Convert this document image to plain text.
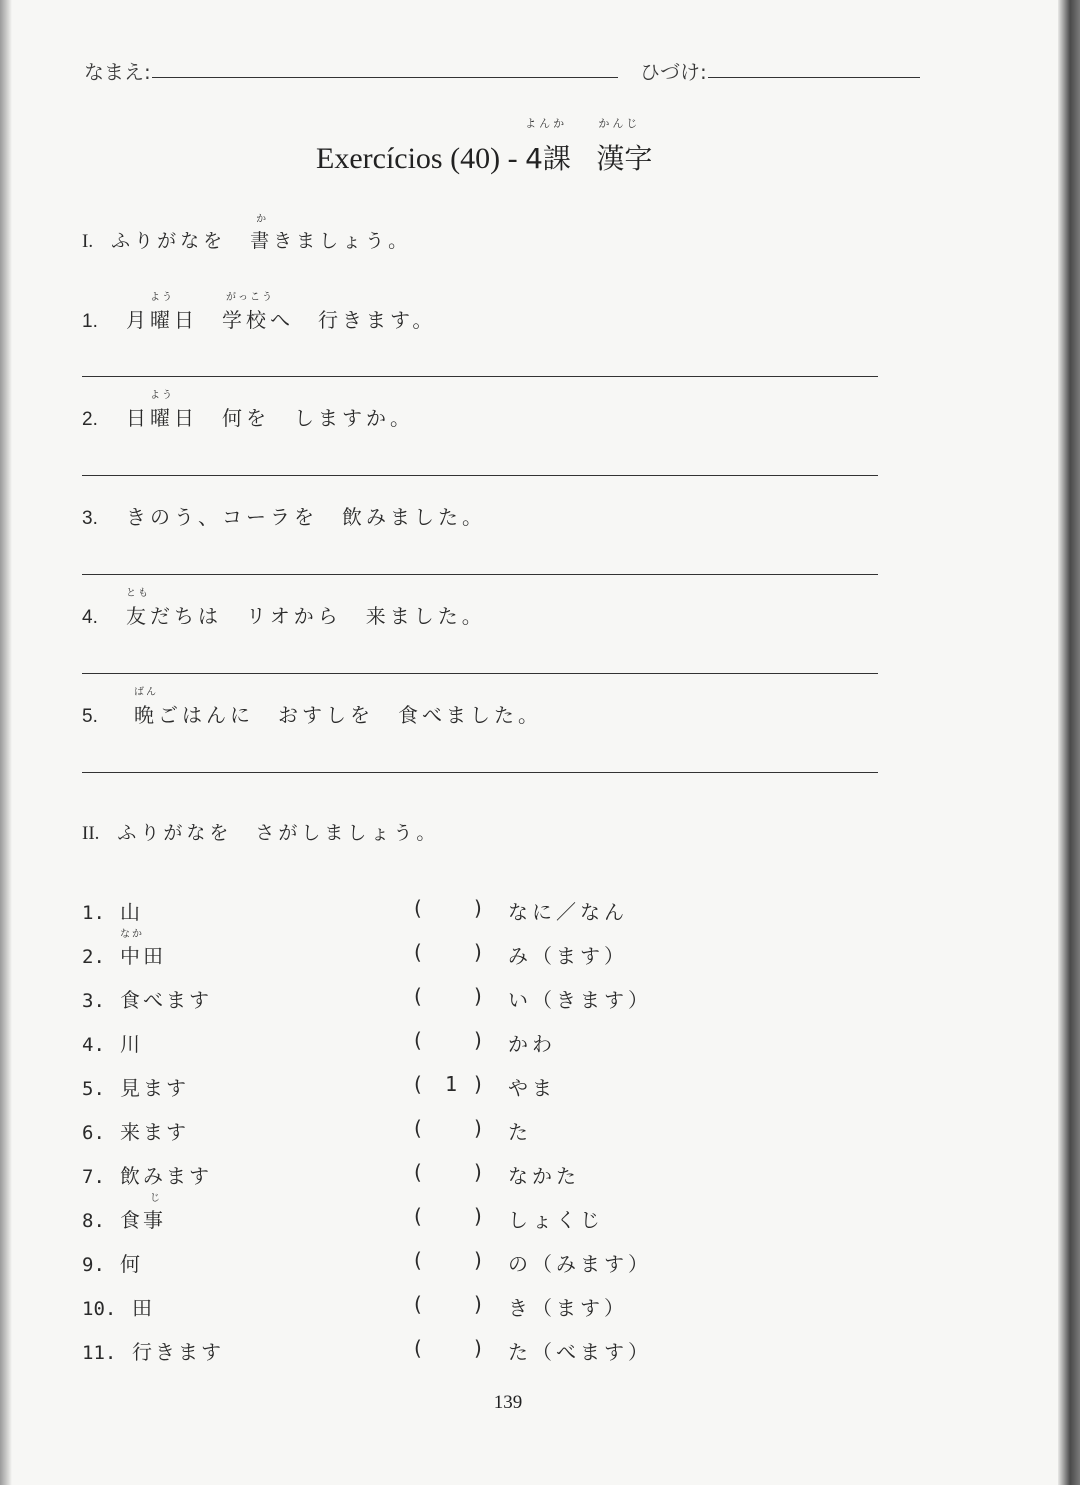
なまえ:	ひづけ:
Exercícios (40) -
よんか
4課
かんじ
漢字
I. ふりがなを
か
書きましょう。
1. 月曜日　学校へ　行きます。
よう	がっこう
2. 日曜日　何を　しますか。
よう
3. きのう、コーラを　飲みました。
4. 友だちは　リオから　来ました。
とも
5. 晩ごはんに　おすしを　食べました。
ばん
II. ふりがなを　さがしましょう。
1. 山	(	)	なに／なん
なか
2. 中田	(	)	み（ます）
3. 食べます	(	)	い（きます）
4. 川	(	)	かわ
5. 見ます	( 1 )	やま
6. 来ます	(	)	た
7. 飲みます	(	)	なかた
じ
8. 食事	(	)	しょくじ
9. 何	(	)	の（みます）
10. 田	(	)	き（ます）
11. 行きます	(	)	た（べます）
139
